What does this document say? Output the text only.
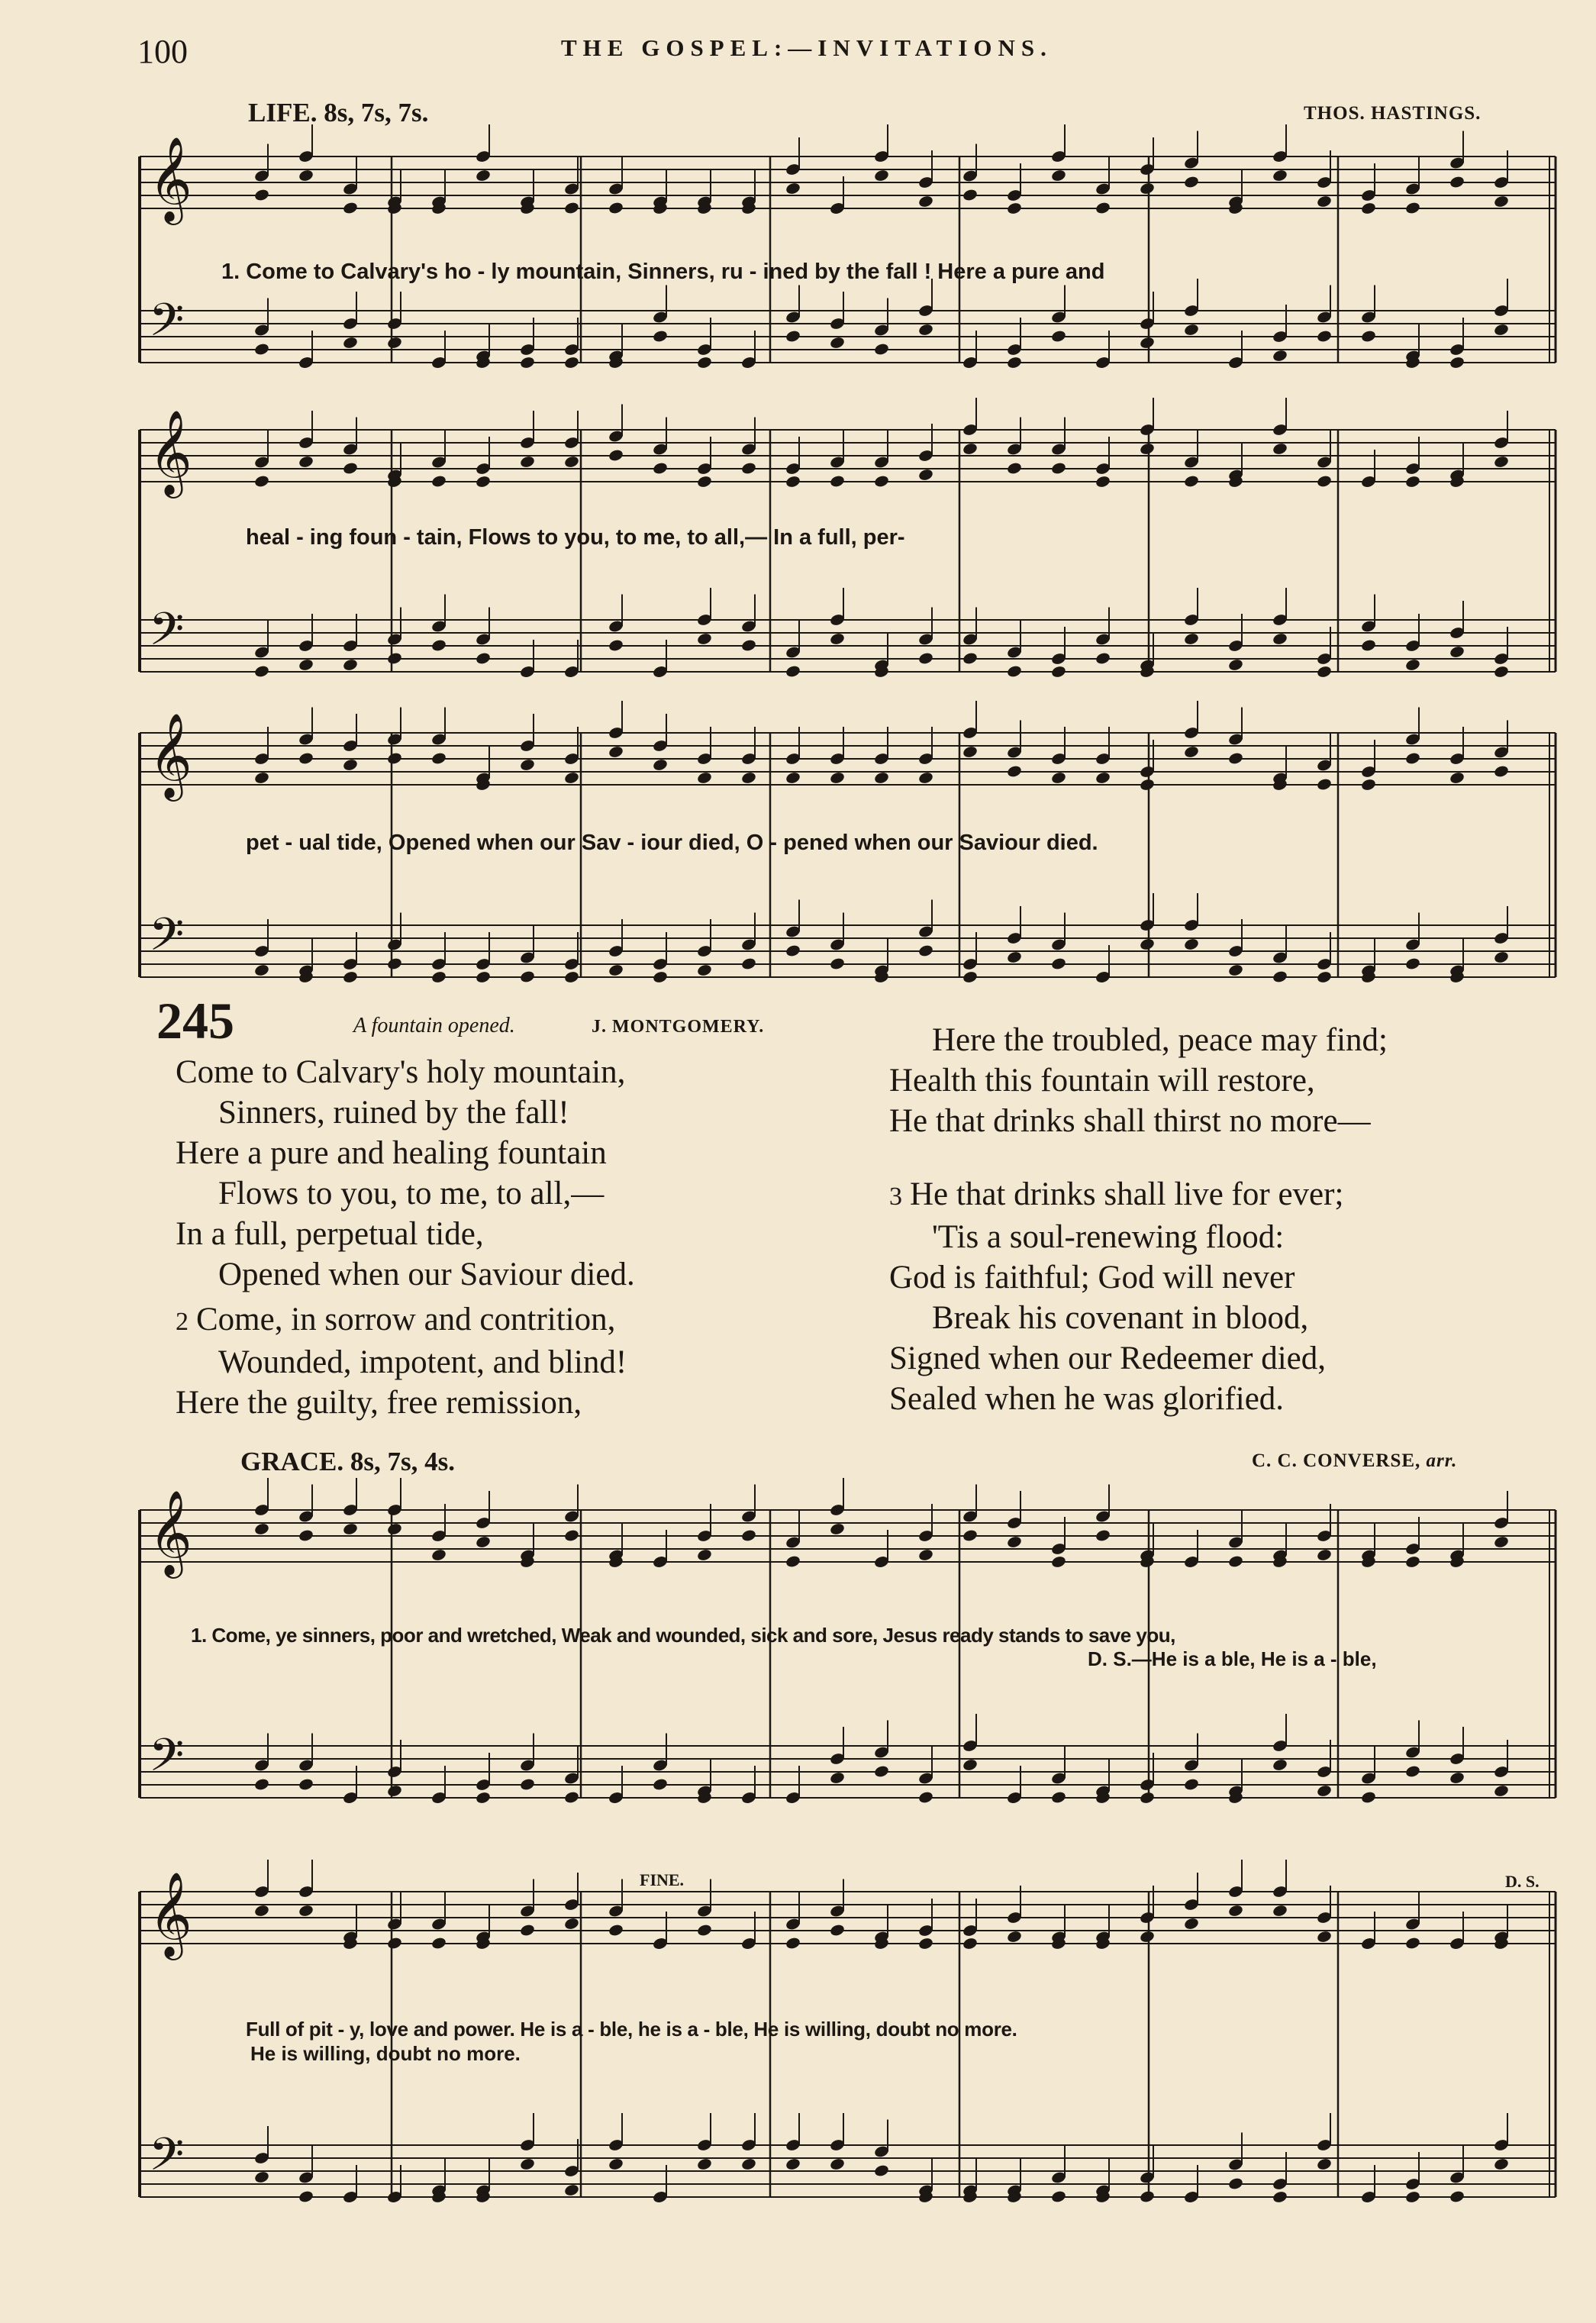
100	THE GOSPEL:—INVITATIONS.
LIFE. 8s, 7s, 7s.	THOS. HASTINGS.
𝄞
𝄢
𝄞
𝄢
𝄞
𝄢
𝄞
𝄢
𝄞
𝄢
1. Come to Calvary's ho - ly mountain, Sinners, ru - ined by the fall ! Here a pure and
heal - ing foun - tain, Flows to you, to me, to all,— In a full, per-
pet - ual tide, Opened when our Sav - iour died, O - pened when our Saviour died.
245	A fountain opened.	J. MONTGOMERY.
Come to Calvary's holy mountain,
Sinners, ruined by the fall!
Here a pure and healing fountain
Flows to you, to me, to all,—
In a full, perpetual tide,
Opened when our Saviour died.
2 Come, in sorrow and contrition,
Wounded, impotent, and blind!
Here the guilty, free remission,
Here the troubled, peace may find;
Health this fountain will restore,
He that drinks shall thirst no more—
3 He that drinks shall live for ever;
'Tis a soul-renewing flood:
God is faithful; God will never
Break his covenant in blood,
Signed when our Redeemer died,
Sealed when he was glorified.
GRACE. 8s, 7s, 4s.	C. C. CONVERSE, arr.
1. Come, ye sinners, poor and wretched, Weak and wounded, sick and sore, Jesus ready stands to save you,
D. S.—He is a ble, He is a - ble,
Full of pit - y, love and power. He is a - ble, he is a - ble, He is willing, doubt no more.
He is willing, doubt no more.
FINE.	D. S.
